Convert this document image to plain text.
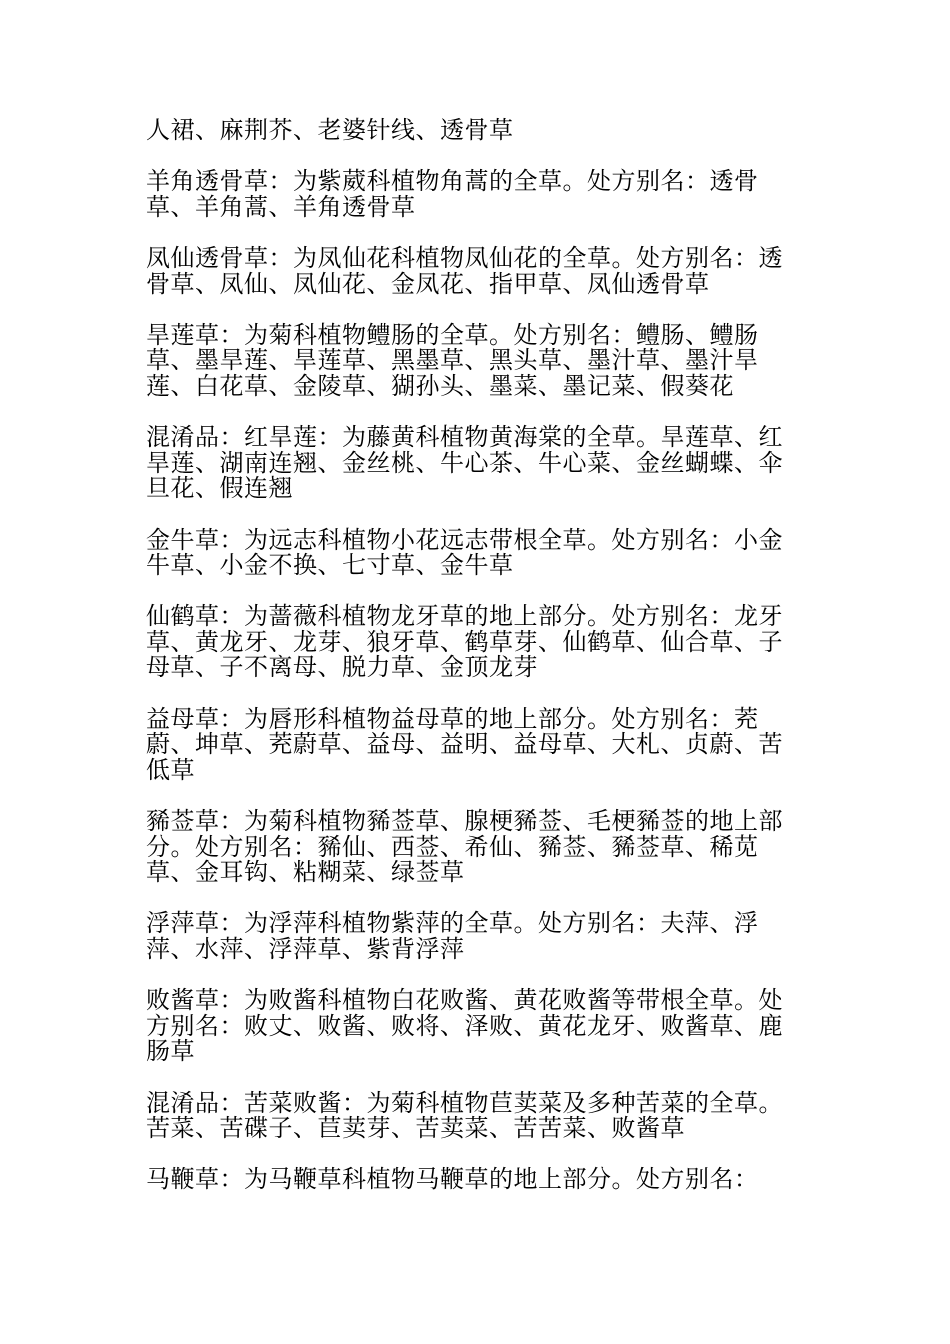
人裙、麻荆芥、老婆针线、透骨草

羊角透骨草：为紫葳科植物角蒿的全草。处方别名：透骨草、羊角蒿、羊角透骨草

凤仙透骨草：为凤仙花科植物凤仙花的全草。处方别名：透骨草、凤仙、凤仙花、金凤花、指甲草、凤仙透骨草

旱莲草：为菊科植物鳢肠的全草。处方别名：鳢肠、鳢肠草、墨旱莲、旱莲草、黑墨草、黑头草、墨汁草、墨汁旱莲、白花草、金陵草、猢孙头、墨菜、墨记菜、假葵花

混淆品：红旱莲：为藤黄科植物黄海棠的全草。旱莲草、红旱莲、湖南连翘、金丝桃、牛心茶、牛心菜、金丝蝴蝶、伞旦花、假连翘

金牛草：为远志科植物小花远志带根全草。处方别名：小金牛草、小金不换、七寸草、金牛草

仙鹤草：为蔷薇科植物龙牙草的地上部分。处方别名：龙牙草、黄龙牙、龙芽、狼牙草、鹤草芽、仙鹤草、仙合草、子母草、子不离母、脱力草、金顶龙芽

益母草：为唇形科植物益母草的地上部分。处方别名：茺蔚、坤草、茺蔚草、益母、益明、益母草、大札、贞蔚、苦低草

豨莶草：为菊科植物豨莶草、腺梗豨莶、毛梗豨莶的地上部分。处方别名：豨仙、西莶、希仙、豨莶、豨莶草、稀苋草、金耳钩、粘糊菜、绿莶草

浮萍草：为浮萍科植物紫萍的全草。处方别名：夫萍、浮萍、水萍、浮萍草、紫背浮萍

败酱草：为败酱科植物白花败酱、黄花败酱等带根全草。处方别名：败丈、败酱、败将、泽败、黄花龙牙、败酱草、鹿肠草

混淆品：苦菜败酱：为菊科植物苣荬菜及多种苦菜的全草。苦菜、苦碟子、苣荬芽、苦荬菜、苦苦菜、败酱草

马鞭草：为马鞭草科植物马鞭草的地上部分。处方别名：
